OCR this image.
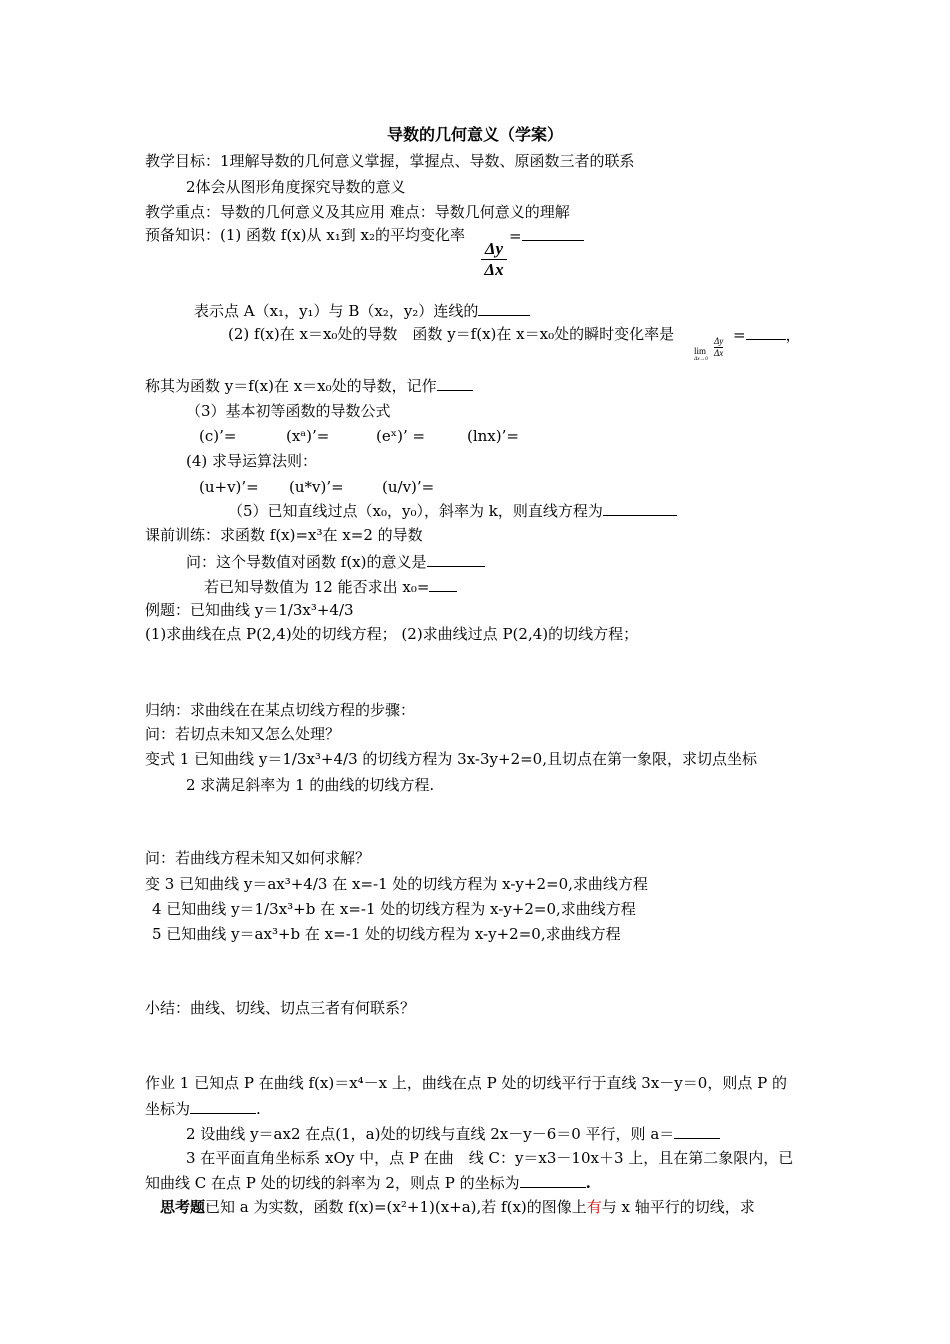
导数的几何意义（学案）
教学目标：1理解导数的几何意义掌握，掌握点、导数、原函数三者的联系
2体会从图形角度探究导数的意义
教学重点：导数的几何意义及其应用 难点：导数几何意义的理解
预备知识：(1) 函数 f(x)从 x₁到 x₂的平均变化率	=
Δy
Δx
表示点 A（x₁，y₁）与 B（x₂，y₂）连线的
(2) f(x)在 x＝x₀处的导数　函数 y＝f(x)在 x＝x₀处的瞬时变化率是
lim
Δx→0
Δy
Δx
=	，
称其为函数 y＝f(x)在 x＝x₀处的导数，记作
（3）基本初等函数的导数公式
(c)’=	(xᵃ)’=	(eˣ)’ =	(lnx)’=
(4) 求导运算法则：
(u+v)’= (u*v)’=	(u/v)’=
（5）已知直线过点（x₀，y₀），斜率为 k，则直线方程为
课前训练：求函数 f(x)=x³在 x=2 的导数
问：这个导数值对函数 f(x)的意义是
若已知导数值为 12 能否求出 x₀=
例题：已知曲线 y＝1/3x³+4/3
(1)求曲线在点 P(2,4)处的切线方程； (2)求曲线过点 P(2,4)的切线方程；
归纳：求曲线在在某点切线方程的步骤：
问：若切点未知又怎么处理？
变式 1 已知曲线 y＝1/3x³+4/3 的切线方程为 3x-3y+2=0,且切点在第一象限，求切点坐标
2 求满足斜率为 1 的曲线的切线方程.
问：若曲线方程未知又如何求解？
变 3 已知曲线 y＝ax³+4/3 在 x=-1 处的切线方程为 x-y+2=0,求曲线方程
4 已知曲线 y＝1/3x³+b 在 x=-1 处的切线方程为 x-y+2=0,求曲线方程
5 已知曲线 y＝ax³+b 在 x=-1 处的切线方程为 x-y+2=0,求曲线方程
小结：曲线、切线、切点三者有何联系？
作业 1 已知点 P 在曲线 f(x)＝x⁴－x 上，曲线在点 P 处的切线平行于直线 3x－y＝0，则点 P 的
坐标为	.
2 设曲线 y＝ax2 在点(1，a)处的切线与直线 2x－y－6＝0 平行，则 a＝
3 在平面直角坐标系 xOy 中，点 P 在曲　线 C：y＝x3－10x＋3 上，且在第二象限内，已
知曲线 C 在点 P 处的切线的斜率为 2，则点 P 的坐标为	.
思考题已知 a 为实数，函数 f(x)=(x²+1)(x+a),若 f(x)的图像上有与 x 轴平行的切线，求
